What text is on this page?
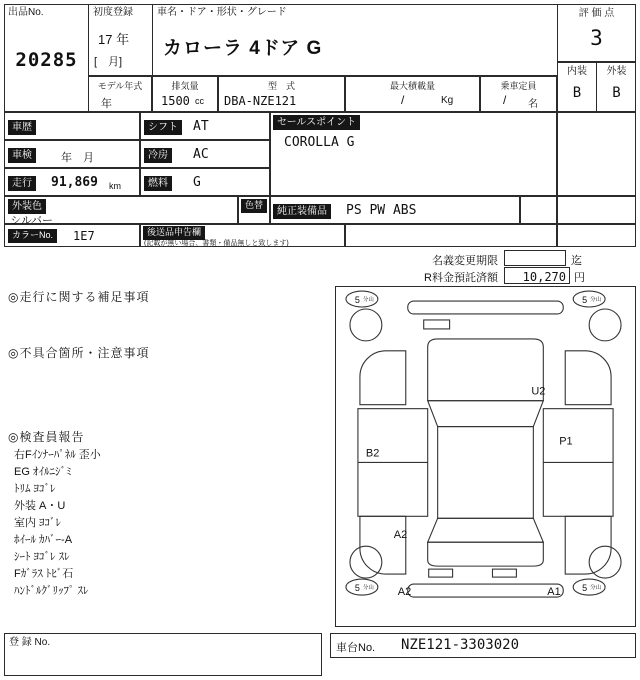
出品No.
20285
初度登録
17 年
[　月]
車名・ドア・形状・グレード
カローラ 4ドア G
評 価 点
3
内装	外装
B	B
モデル年式
年
排気量
1500 cc
型　式
DBA-NZE121
最大積載量
/	Kg
乗車定員
/ 名
車歴	シフト	AT
車検	年　月	冷房	AC
走行	91,869 km	燃料	G
外装色
シルバー
色替
カラーNo.	1E7	後送品申告欄
(記載が無い場合、書類・備品無しと致します)
セールスポイント
COROLLA G
純正装備品	PS PW ABS
名義変更期限	迄
R料金預託済額 10,270 円
◎走行に関する補足事項
◎不具合箇所・注意事項
◎検査員報告
右Fｲﾝﾅｰﾊﾟﾈﾙ 歪小
EG ｵｲﾙﾆｼﾞﾐ
ﾄﾘﾑ ﾖｺﾞﾚ
外装 A・U
室内 ﾖｺﾞﾚ
ﾎｲｰﾙ ｶﾊﾞｰ-A
ｼｰﾄ ﾖｺﾞﾚ ｽﾚ
Fｶﾞﾗｽ ﾄﾋﾞ石
ﾊﾝﾄﾞﾙｸﾞﾘｯﾌﾟ ｽﾚ
U2
B2
P1
A2
A2	A1
5 分山	5 分山
5 分山	5 分山
登 録 No.	車台No. NZE121-3303020
